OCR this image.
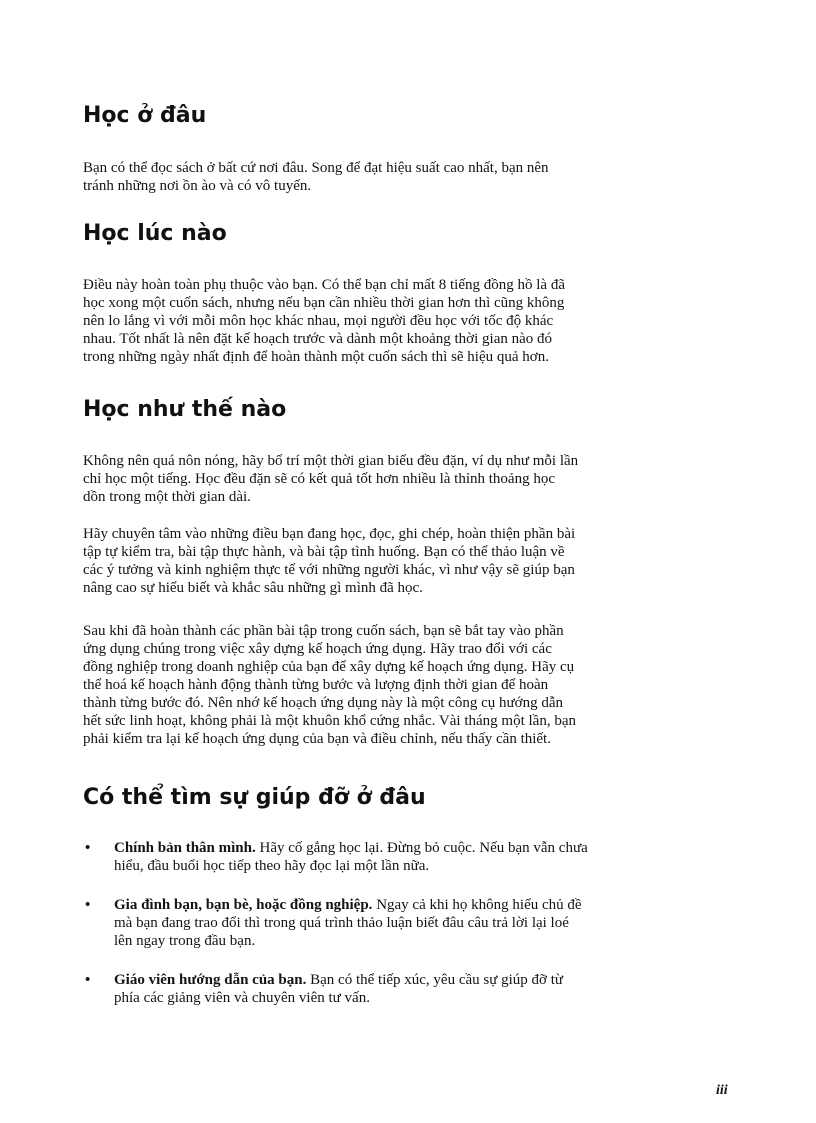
Học ở đâu

Bạn có thể đọc sách ở bất cứ nơi đâu. Song để đạt hiệu suất cao nhất, bạn nên
tránh những nơi ồn ào và có vô tuyến.

Học lúc nào

Điều này hoàn toàn phụ thuộc vào bạn. Có thể bạn chỉ mất 8 tiếng đồng hồ là đã
học xong một cuốn sách, nhưng nếu bạn cần nhiều thời gian hơn thì cũng không
nên lo lắng vì với mỗi môn học khác nhau, mọi người đều học với tốc độ khác
nhau. Tốt nhất là nên đặt kế hoạch trước và dành một khoảng thời gian nào đó
trong những ngày nhất định để hoàn thành một cuốn sách thì sẽ hiệu quả hơn.

Học như thế nào

Không nên quá nôn nóng, hãy bố trí một thời gian biểu đều đặn, ví dụ như mỗi lần
chỉ học một tiếng. Học đều đặn sẽ có kết quả tốt hơn nhiều là thỉnh thoảng học
dồn trong một thời gian dài.

Hãy chuyên tâm vào những điều bạn đang học, đọc, ghi chép, hoàn thiện phần bài
tập tự kiểm tra, bài tập thực hành, và bài tập tình huống. Bạn có thể thảo luận về
các ý tưởng và kinh nghiệm thực tế với những người khác, vì như vậy sẽ giúp bạn
nâng cao sự hiểu biết và khắc sâu những gì mình đã học.

Sau khi đã hoàn thành các phần bài tập trong cuốn sách, bạn sẽ bắt tay vào phần
ứng dụng chúng trong việc xây dựng kế hoạch ứng dụng. Hãy trao đổi với các
đồng nghiệp trong doanh nghiệp của bạn để xây dựng kế hoạch ứng dụng. Hãy cụ
thể hoá kế hoạch hành động thành từng bước và lượng định thời gian để hoàn
thành từng bước đó. Nên nhớ kế hoạch ứng dụng này là một công cụ hướng dẫn
hết sức linh hoạt, không phải là một khuôn khổ cứng nhắc. Vài tháng một lần, bạn
phải kiểm tra lại kế hoạch ứng dụng của bạn và điều chỉnh, nếu thấy cần thiết.

Có thể tìm sự giúp đỡ ở đâu
• Chính bản thân mình. Hãy cố gắng học lại. Đừng bỏ cuộc. Nếu bạn vẫn chưa
hiểu, đầu buổi học tiếp theo hãy đọc lại một lần nữa.
• Gia đình bạn, bạn bè, hoặc đồng nghiệp. Ngay cả khi họ không hiểu chủ đề
mà bạn đang trao đổi thì trong quá trình thảo luận biết đâu câu trả lời lại loé
lên ngay trong đầu bạn.
• Giáo viên hướng dẫn của bạn. Bạn có thể tiếp xúc, yêu cầu sự giúp đỡ từ
phía các giảng viên và chuyên viên tư vấn.
iii
